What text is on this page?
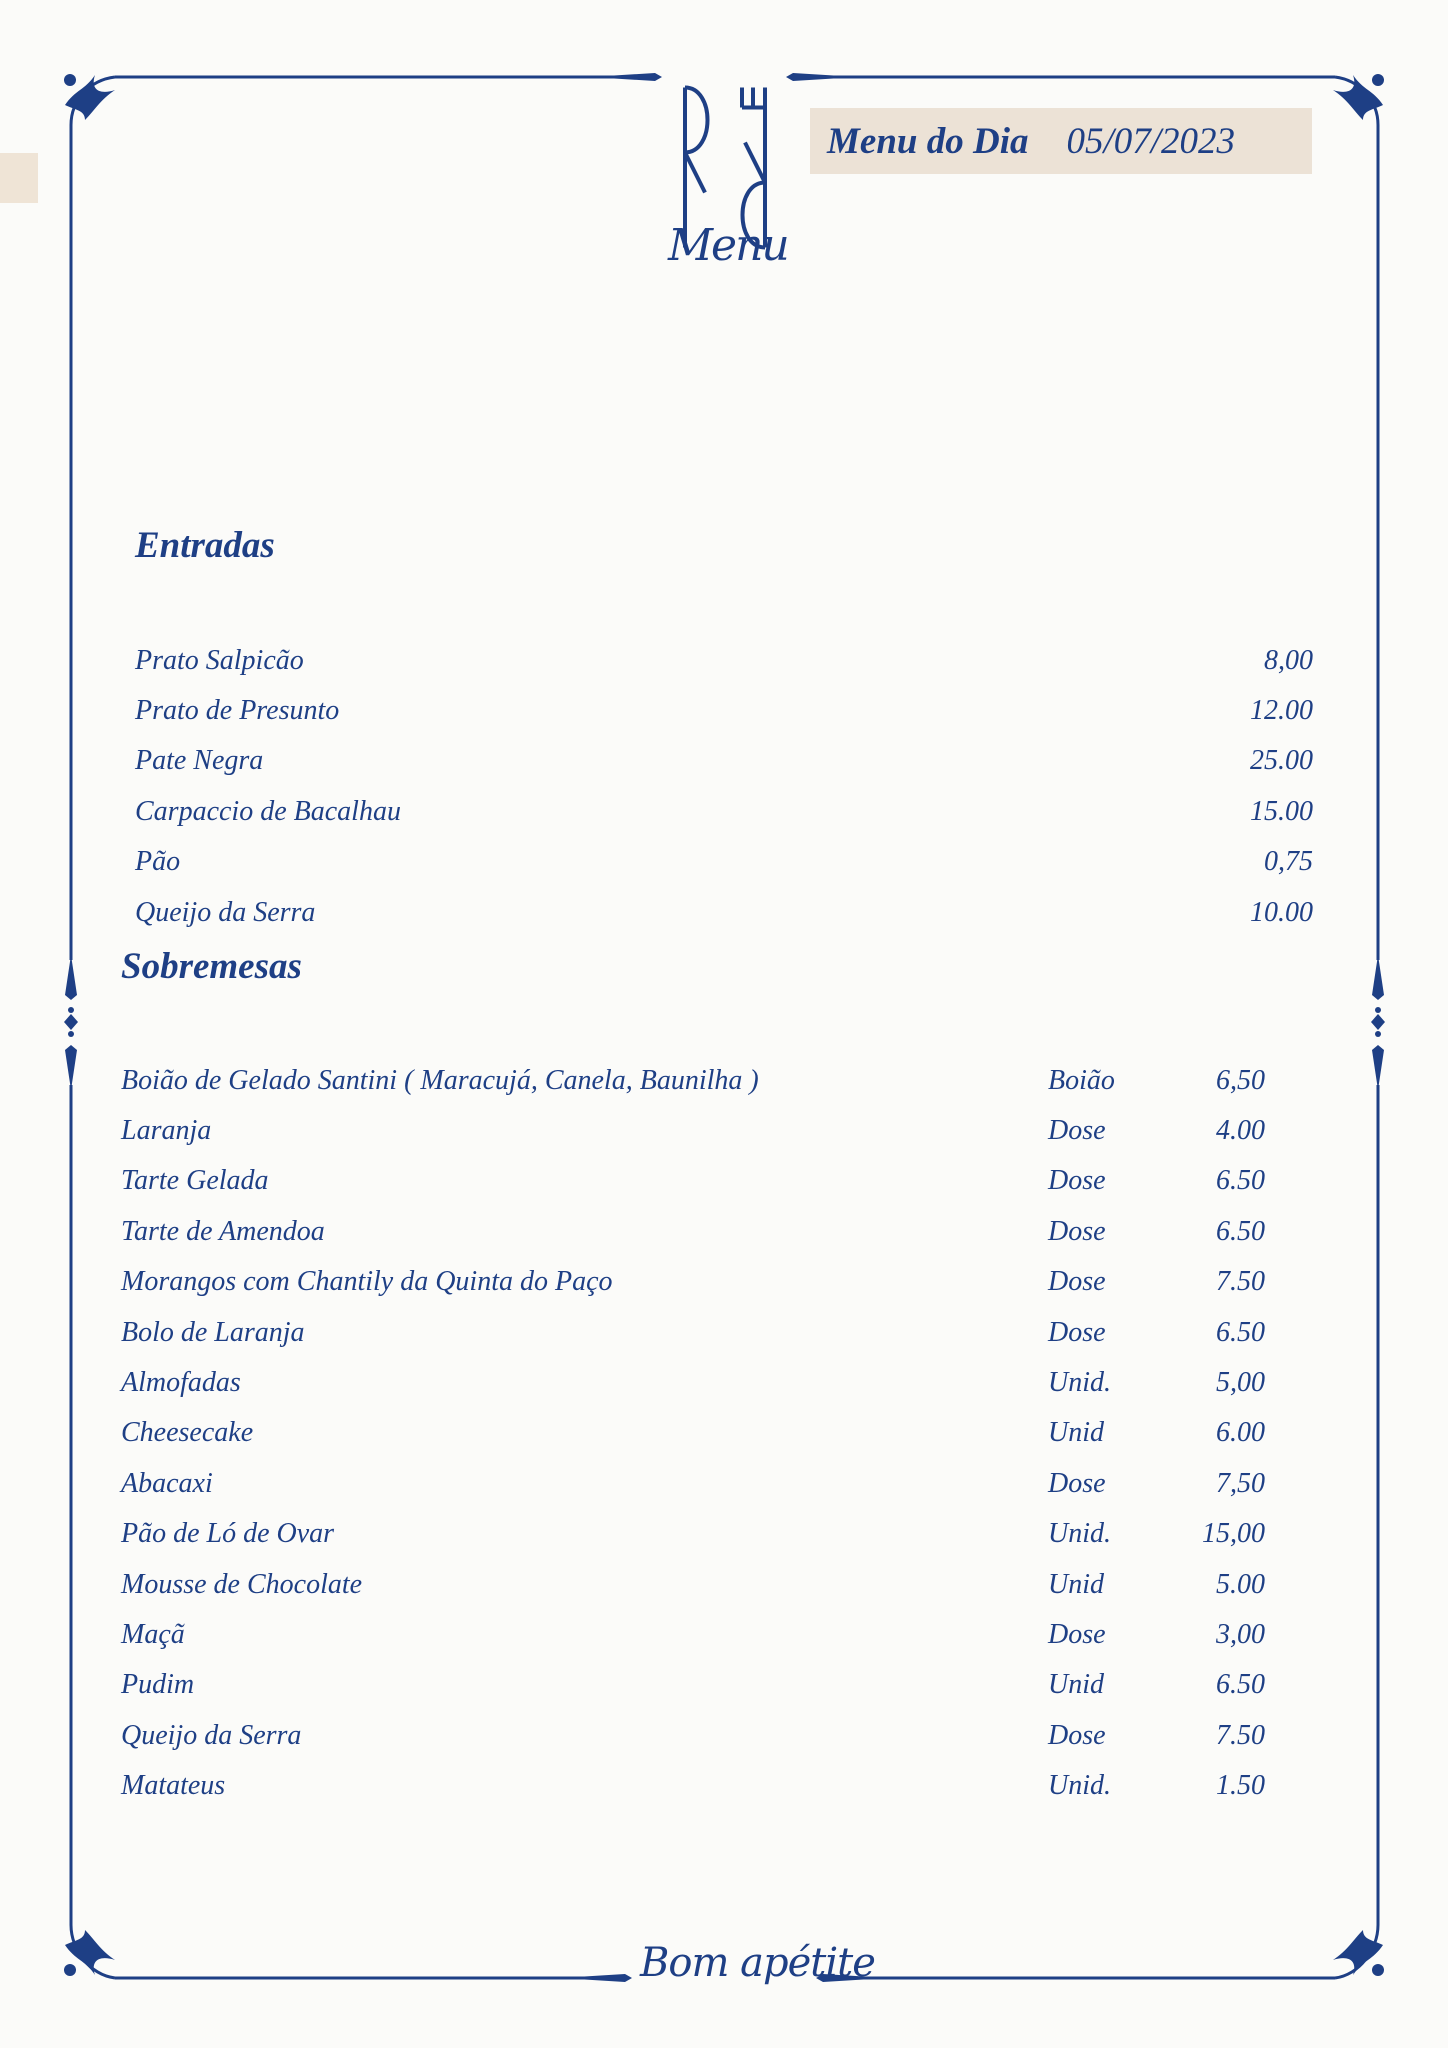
Menu
Menu do Dia 05/07/2023
Entradas
Prato Salpicão	8,00
Prato de Presunto	12.00
Pate Negra	25.00
Carpaccio de Bacalhau	15.00
Pão	0,75
Queijo da Serra	10.00
Sobremesas
Boião de Gelado Santini ( Maracujá, Canela, Baunilha )	Boião	6,50
Laranja	Dose	4.00
Tarte Gelada	Dose	6.50
Tarte de Amendoa	Dose	6.50
Morangos com Chantily da Quinta do Paço	Dose	7.50
Bolo de Laranja	Dose	6.50
Almofadas	Unid.	5,00
Cheesecake	Unid	6.00
Abacaxi	Dose	7,50
Pão de Ló de Ovar	Unid.	15,00
Mousse de Chocolate	Unid	5.00
Maçã	Dose	3,00
Pudim	Unid	6.50
Queijo da Serra	Dose	7.50
Matateus	Unid.	1.50
Bom apétite
